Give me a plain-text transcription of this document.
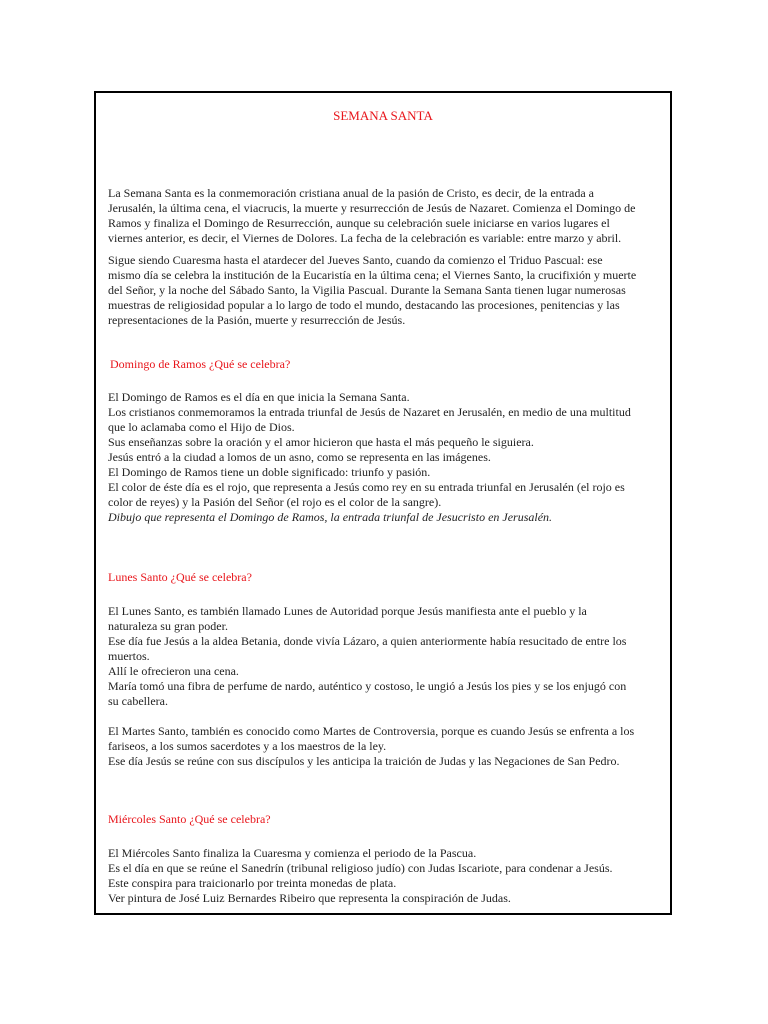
SEMANA SANTA
La Semana Santa es la conmemoración cristiana anual de la pasión de Cristo, es decir, de la entrada a
Jerusalén, la última cena, el viacrucis, la muerte y resurrección de Jesús de Nazaret. Comienza el Domingo de
Ramos y finaliza el Domingo de Resurrección, aunque su celebración suele iniciarse en varios lugares el
viernes anterior, es decir, el Viernes de Dolores. La fecha de la celebración es variable: entre marzo y abril.
Sigue siendo Cuaresma hasta el atardecer del Jueves Santo, cuando da comienzo el Triduo Pascual: ese
mismo día se celebra la institución de la Eucaristía en la última cena; el Viernes Santo, la crucifixión y muerte
del Señor, y la noche del Sábado Santo, la Vigilia Pascual. Durante la Semana Santa tienen lugar numerosas
muestras de religiosidad popular a lo largo de todo el mundo, destacando las procesiones, penitencias y las
representaciones de la Pasión, muerte y resurrección de Jesús.
Domingo de Ramos ¿Qué se celebra?
El Domingo de Ramos es el día en que inicia la Semana Santa.
Los cristianos conmemoramos la entrada triunfal de Jesús de Nazaret en Jerusalén, en medio de una multitud
que lo aclamaba como el Hijo de Dios.
Sus enseñanzas sobre la oración y el amor hicieron que hasta el más pequeño le siguiera.
Jesús entró a la ciudad a lomos de un asno, como se representa en las imágenes.
El Domingo de Ramos tiene un doble significado: triunfo y pasión.
El color de éste día es el rojo, que representa a Jesús como rey en su entrada triunfal en Jerusalén (el rojo es
color de reyes) y la Pasión del Señor (el rojo es el color de la sangre).
Dibujo que representa el Domingo de Ramos, la entrada triunfal de Jesucristo en Jerusalén.
Lunes Santo ¿Qué se celebra?
El Lunes Santo, es también llamado Lunes de Autoridad porque Jesús manifiesta ante el pueblo y la
naturaleza su gran poder.
Ese día fue Jesús a la aldea Betania, donde vivía Lázaro, a quien anteriormente había resucitado de entre los
muertos.
Allí le ofrecieron una cena.
María tomó una fibra de perfume de nardo, auténtico y costoso, le ungió a Jesús los pies y se los enjugó con
su cabellera.
El Martes Santo, también es conocido como Martes de Controversia, porque es cuando Jesús se enfrenta a los
fariseos, a los sumos sacerdotes y a los maestros de la ley.
Ese día Jesús se reúne con sus discípulos y les anticipa la traición de Judas y las Negaciones de San Pedro.
Miércoles Santo ¿Qué se celebra?
El Miércoles Santo finaliza la Cuaresma y comienza el periodo de la Pascua.
Es el día en que se reúne el Sanedrín (tribunal religioso judío) con Judas Iscariote, para condenar a Jesús.
Este conspira para traicionarlo por treinta monedas de plata.
Ver pintura de José Luiz Bernardes Ribeiro que representa la conspiración de Judas.
